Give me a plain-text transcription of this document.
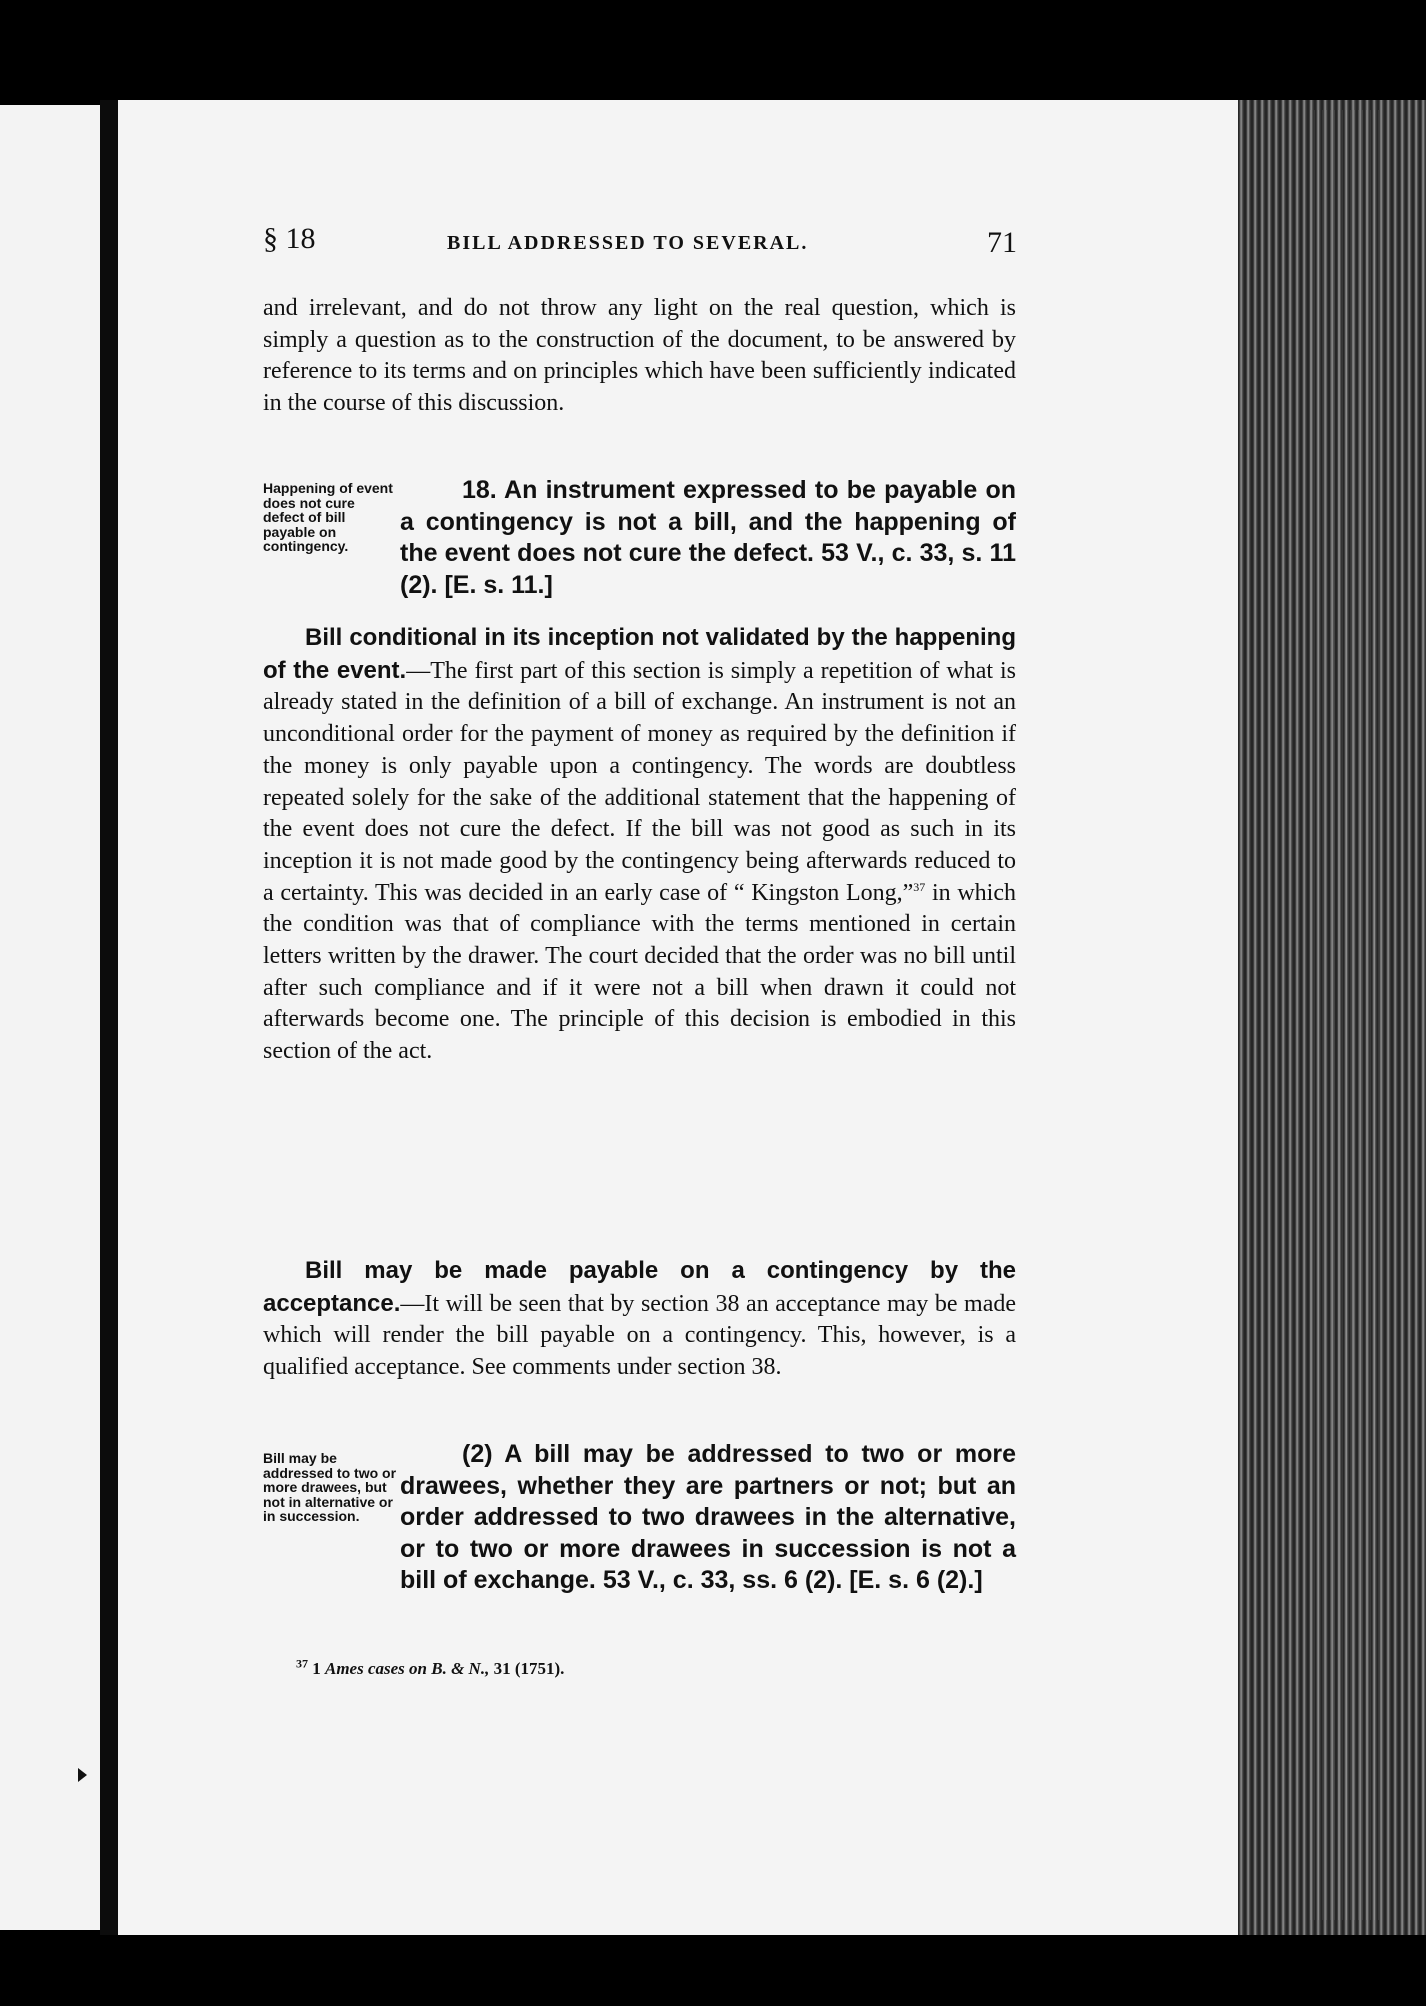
§ 18	BILL ADDRESSED TO SEVERAL.	71
and irrelevant, and do not throw any light on the real question, which is simply a question as to the construction of the document, to be answered by reference to its terms and on principles which have been sufficiently indicated in the course of this discussion.
Happening of event does not cure defect of bill payable on contingency.
18. An instrument expressed to be payable on a contingency is not a bill, and the happening of the event does not cure the defect. 53 V., c. 33, s. 11 (2). [E. s. 11.]
Bill conditional in its inception not validated by the happening of the event.—The first part of this section is simply a repetition of what is already stated in the definition of a bill of exchange. An instrument is not an unconditional order for the payment of money as required by the definition if the money is only payable upon a contingency. The words are doubtless repeated solely for the sake of the additional statement that the happening of the event does not cure the defect. If the bill was not good as such in its inception it is not made good by the contingency being afterwards reduced to a certainty. This was decided in an early case of “ Kingston Long,”$^{37}$ in which the condition was that of compliance with the terms mentioned in certain letters written by the drawer. The court decided that the order was no bill until after such compliance and if it were not a bill when drawn it could not afterwards become one. The principle of this decision is embodied in this section of the act.
Bill may be made payable on a contingency by the acceptance.—It will be seen that by section 38 an acceptance may be made which will render the bill payable on a contingency. This, however, is a qualified acceptance. See comments under section 38.
Bill may be addressed to two or more drawees, but not in alternative or in succession.
(2) A bill may be addressed to two or more drawees, whether they are partners or not; but an order addressed to two drawees in the alternative, or to two or more drawees in succession is not a bill of exchange. 53 V., c. 33, ss. 6 (2). [E. s. 6 (2).]
$^{37}$ 1 Ames cases on B. & N., 31 (1751).
